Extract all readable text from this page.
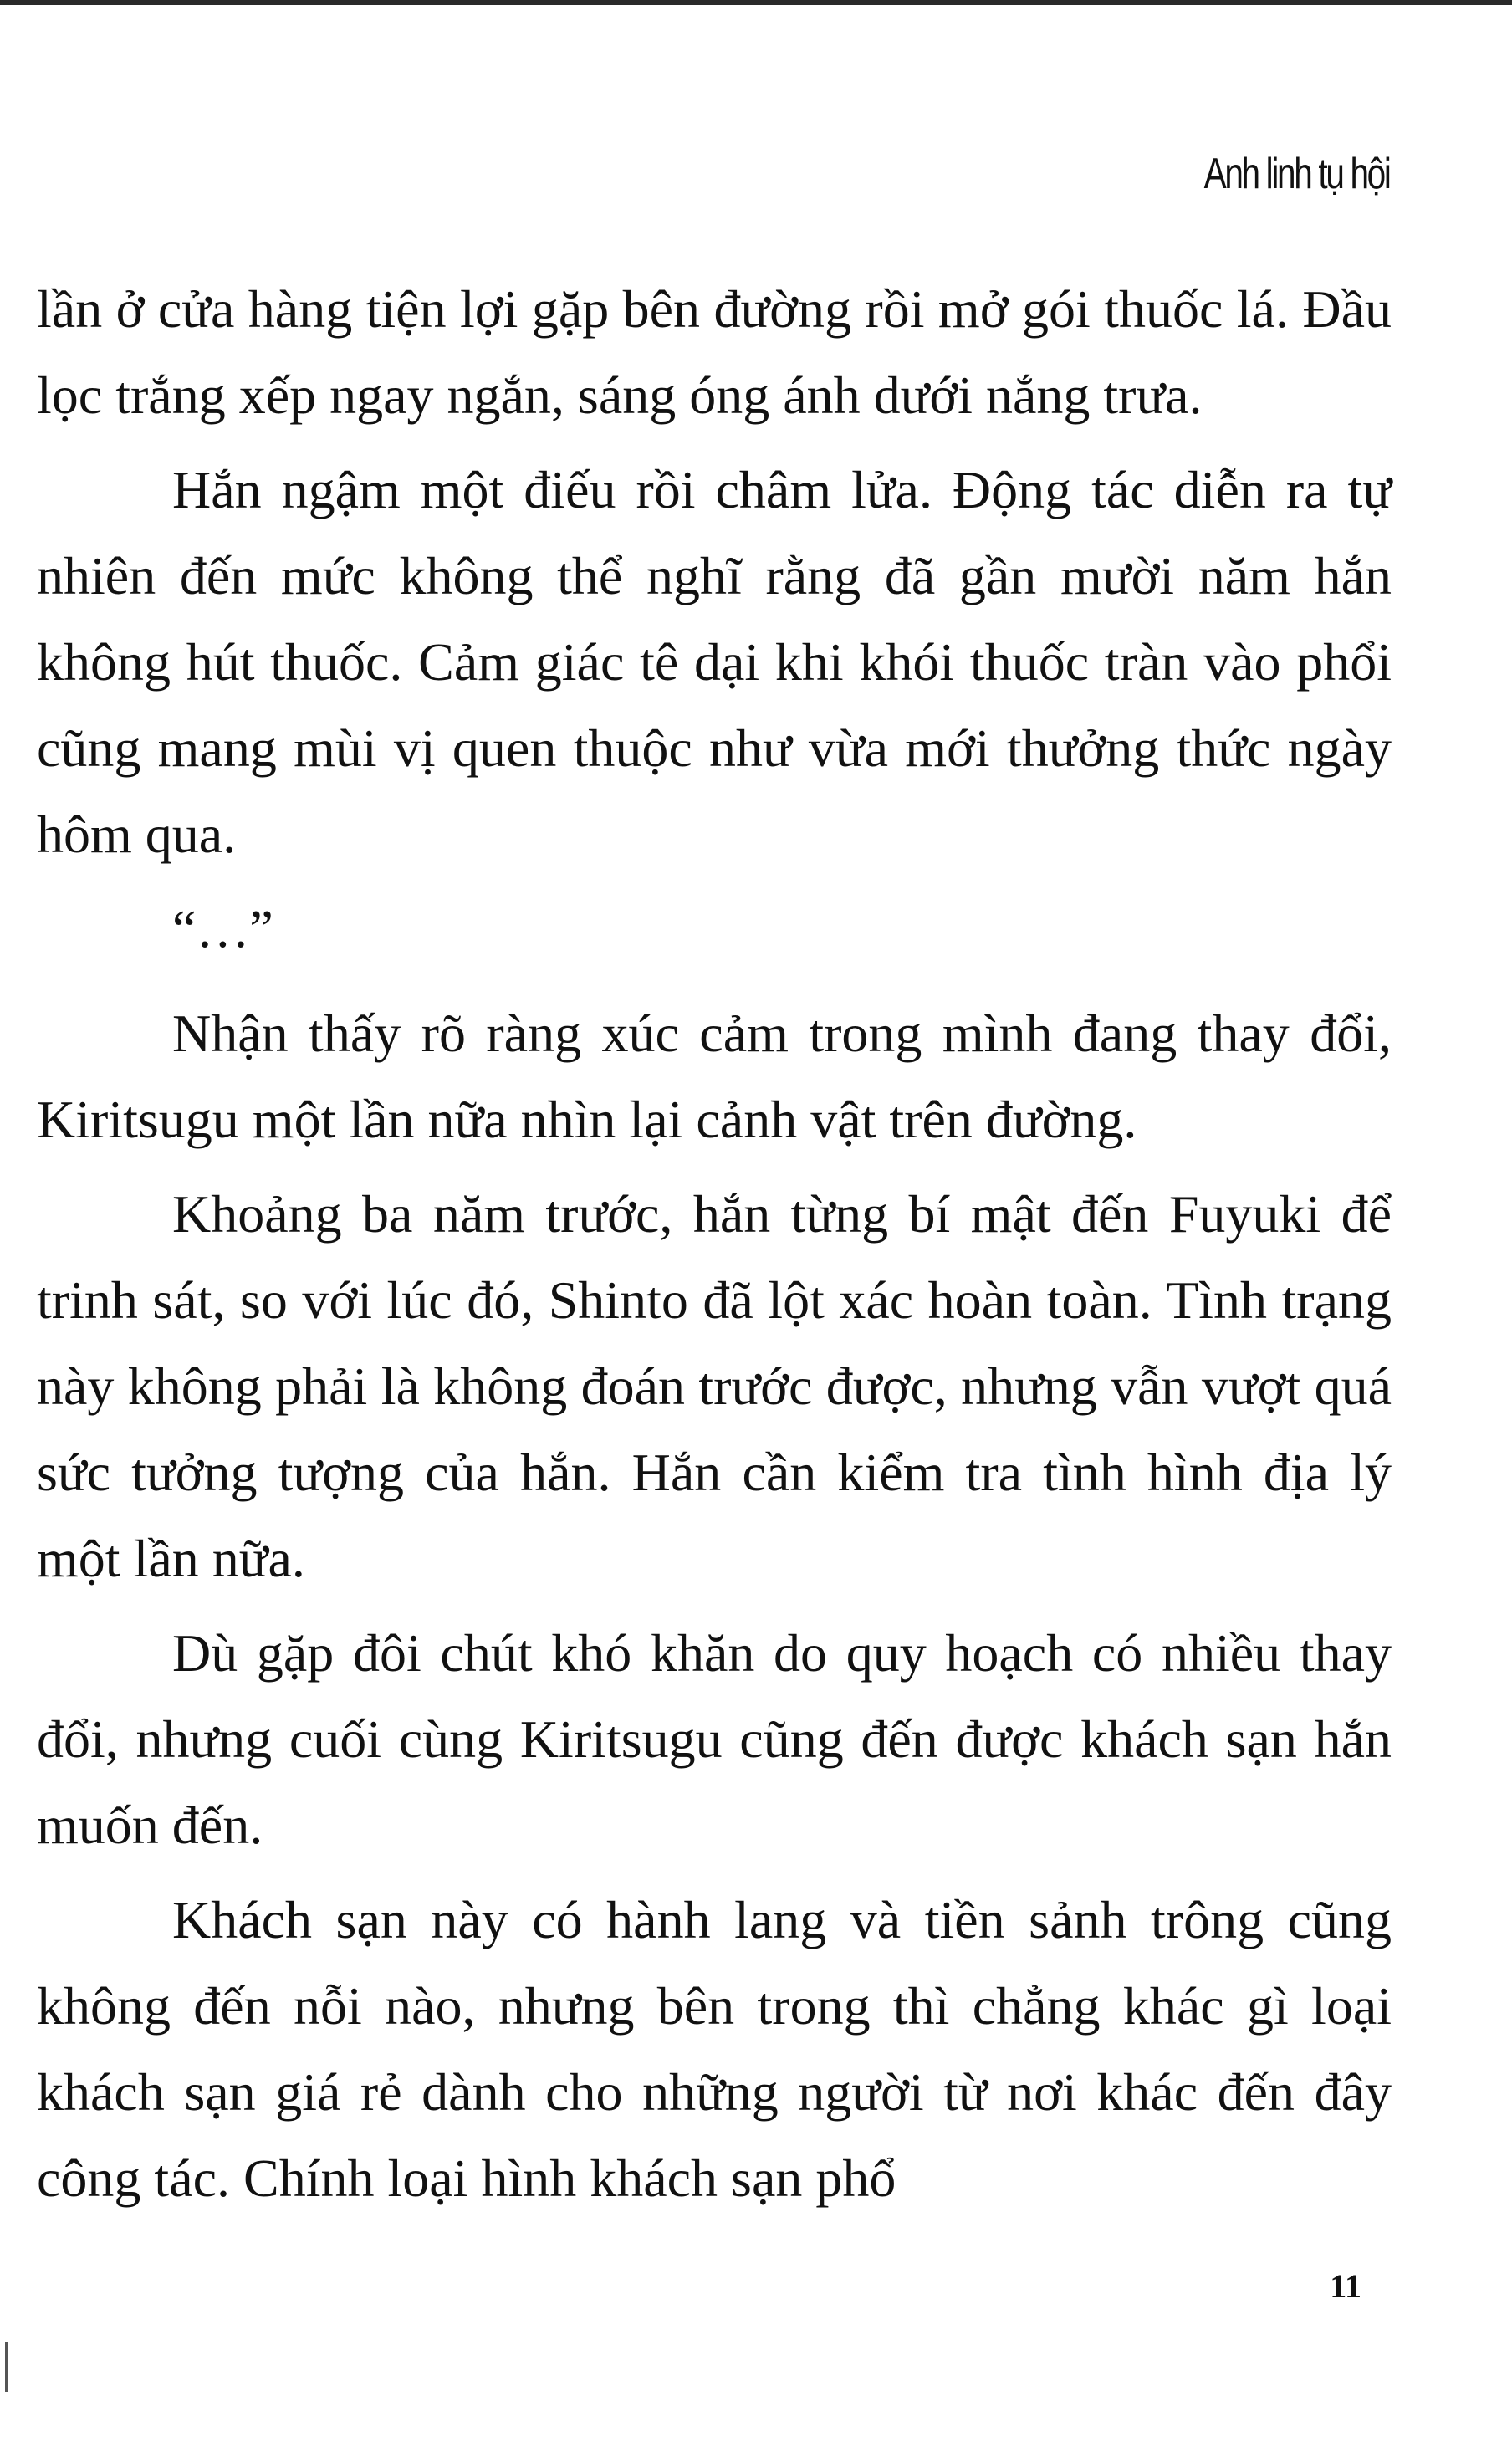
Anh linh tụ hội

lần ở cửa hàng tiện lợi gặp bên đường rồi mở gói thuốc lá. Đầu lọc trắng xếp ngay ngắn, sáng óng ánh dưới nắng trưa.

Hắn ngậm một điếu rồi châm lửa. Động tác diễn ra tự nhiên đến mức không thể nghĩ rằng đã gần mười năm hắn không hút thuốc. Cảm giác tê dại khi khói thuốc tràn vào phổi cũng mang mùi vị quen thuộc như vừa mới thưởng thức ngày hôm qua.

“…”

Nhận thấy rõ ràng xúc cảm trong mình đang thay đổi, Kiritsugu một lần nữa nhìn lại cảnh vật trên đường.

Khoảng ba năm trước, hắn từng bí mật đến Fuyuki để trinh sát, so với lúc đó, Shinto đã lột xác hoàn toàn. Tình trạng này không phải là không đoán trước được, nhưng vẫn vượt quá sức tưởng tượng của hắn. Hắn cần kiểm tra tình hình địa lý một lần nữa.

Dù gặp đôi chút khó khăn do quy hoạch có nhiều thay đổi, nhưng cuối cùng Kiritsugu cũng đến được khách sạn hắn muốn đến.

Khách sạn này có hành lang và tiền sảnh trông cũng không đến nỗi nào, nhưng bên trong thì chẳng khác gì loại khách sạn giá rẻ dành cho những người từ nơi khác đến đây công tác. Chính loại hình khách sạn phổ

11
